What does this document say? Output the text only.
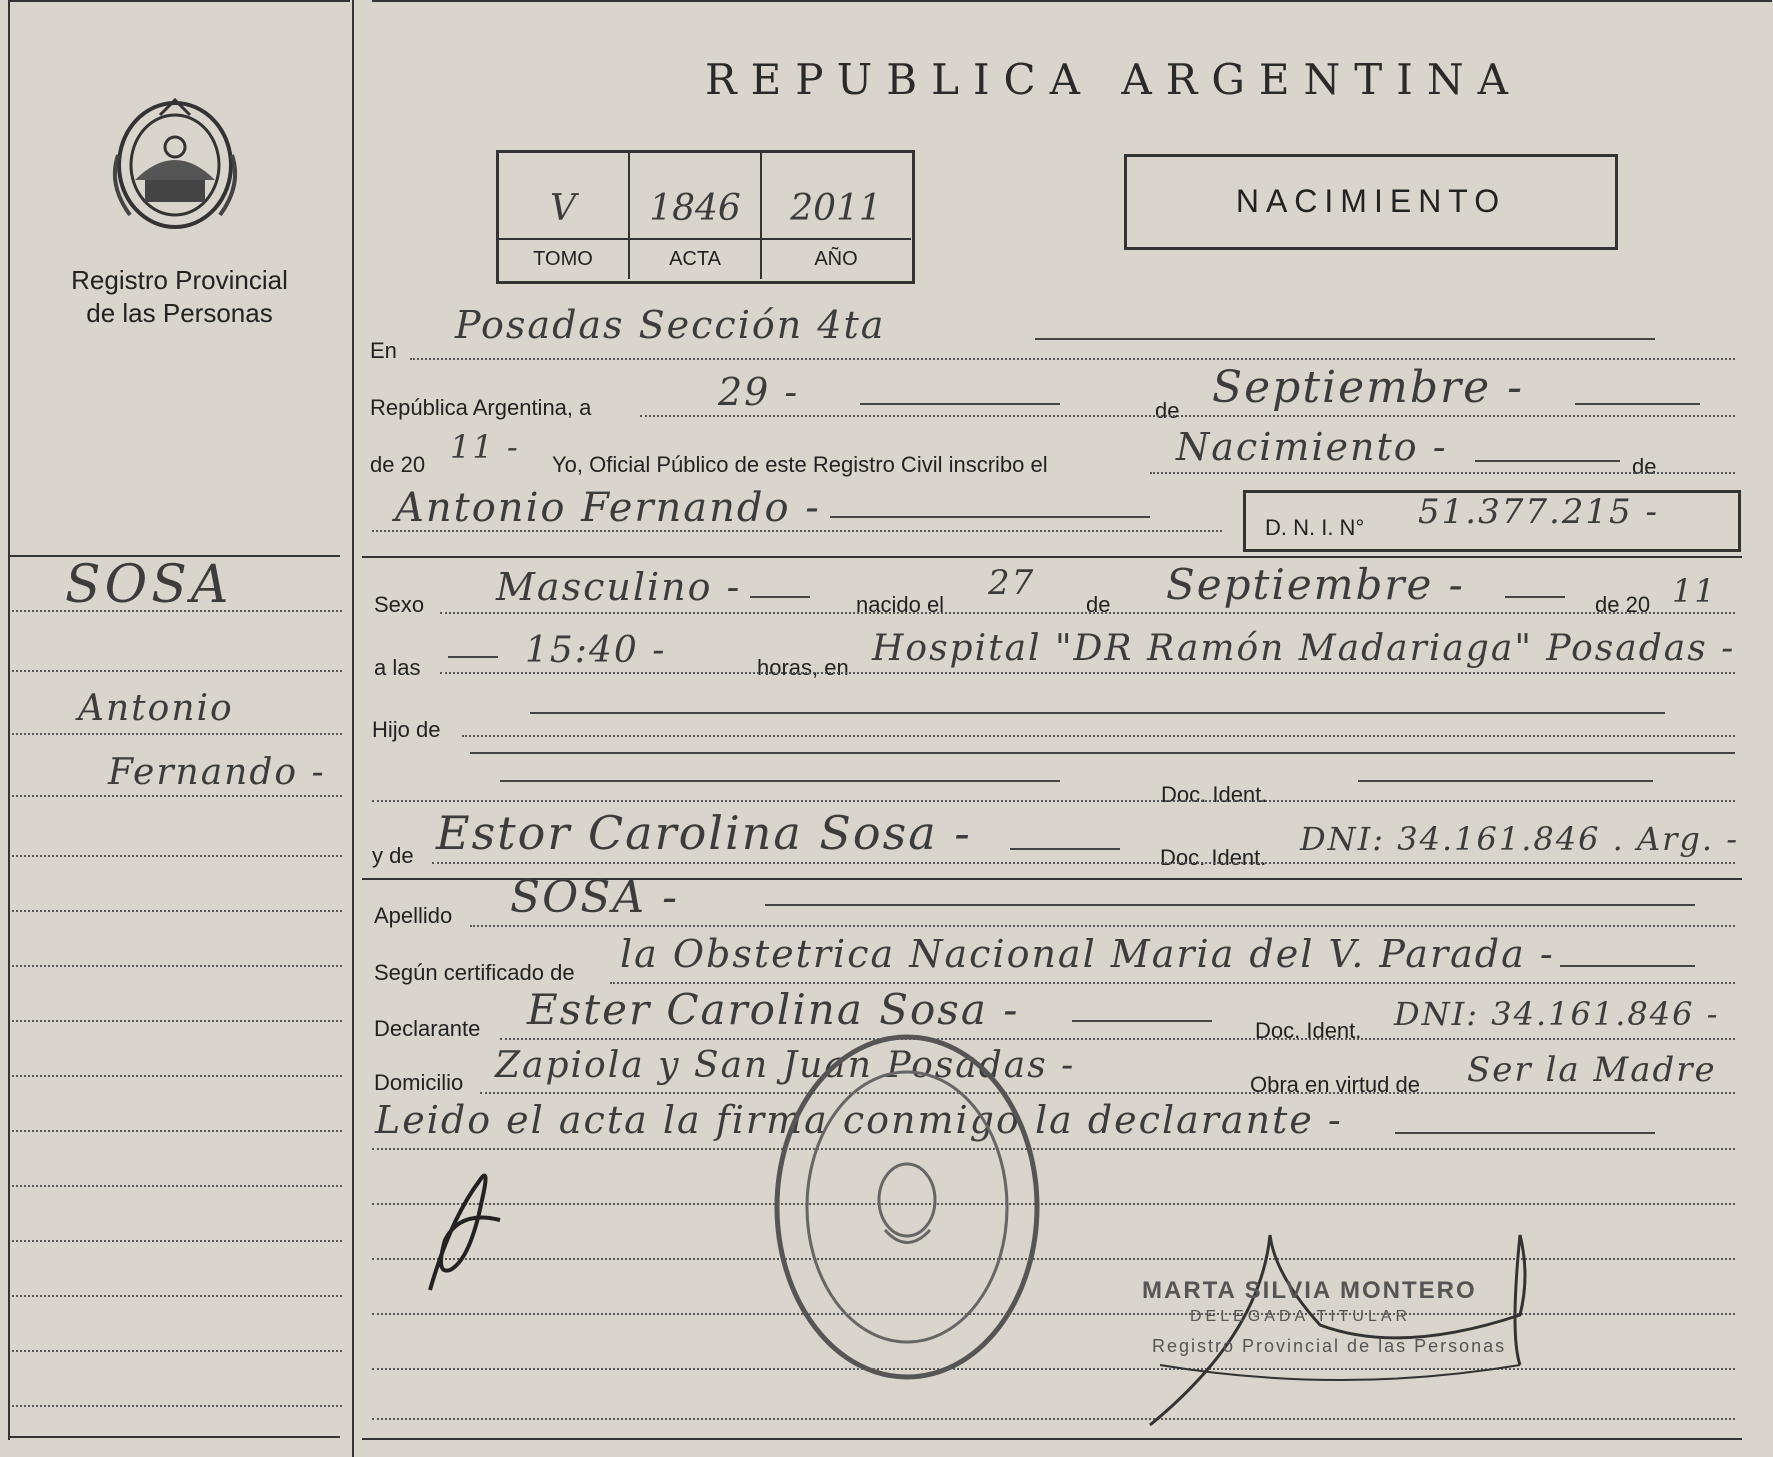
Registro Provincial
de las Personas
SOSA
Antonio
Fernando -
REPUBLICA ARGENTINA
V	1846	2011
TOMO	ACTA	AÑO
NACIMIENTO
En
Posadas Sección 4ta
República Argentina, a	29 -	de Septiembre -
de 20 11 - Yo, Oficial Público de este Registro Civil inscribo el	Nacimiento -	de
Antonio Fernando -	D. N. I. N° 51.377.215 -
Sexo Masculino -	nacido el
27
de Septiembre -	de 20 11
a las	15:40 -	horas, en Hospital "DR Ramón Madariaga" Posadas -
Hijo de
Doc. Ident.
y de Estor Carolina Sosa -	Doc. Ident. DNI: 34.161.846 . Arg. -
Apellido SOSA -
Según certificado de la Obstetrica Nacional Maria del V. Parada -
Declarante Ester Carolina Sosa -	Doc. Ident. DNI: 34.161.846 -
Domicilio Zapiola y San Juan Posadas -	Obra en virtud de Ser la Madre
Leido el acta la firma conmigo la declarante -
MARTA SILVIA MONTERO
DELEGADA TITULAR
Registro Provincial de las Personas
